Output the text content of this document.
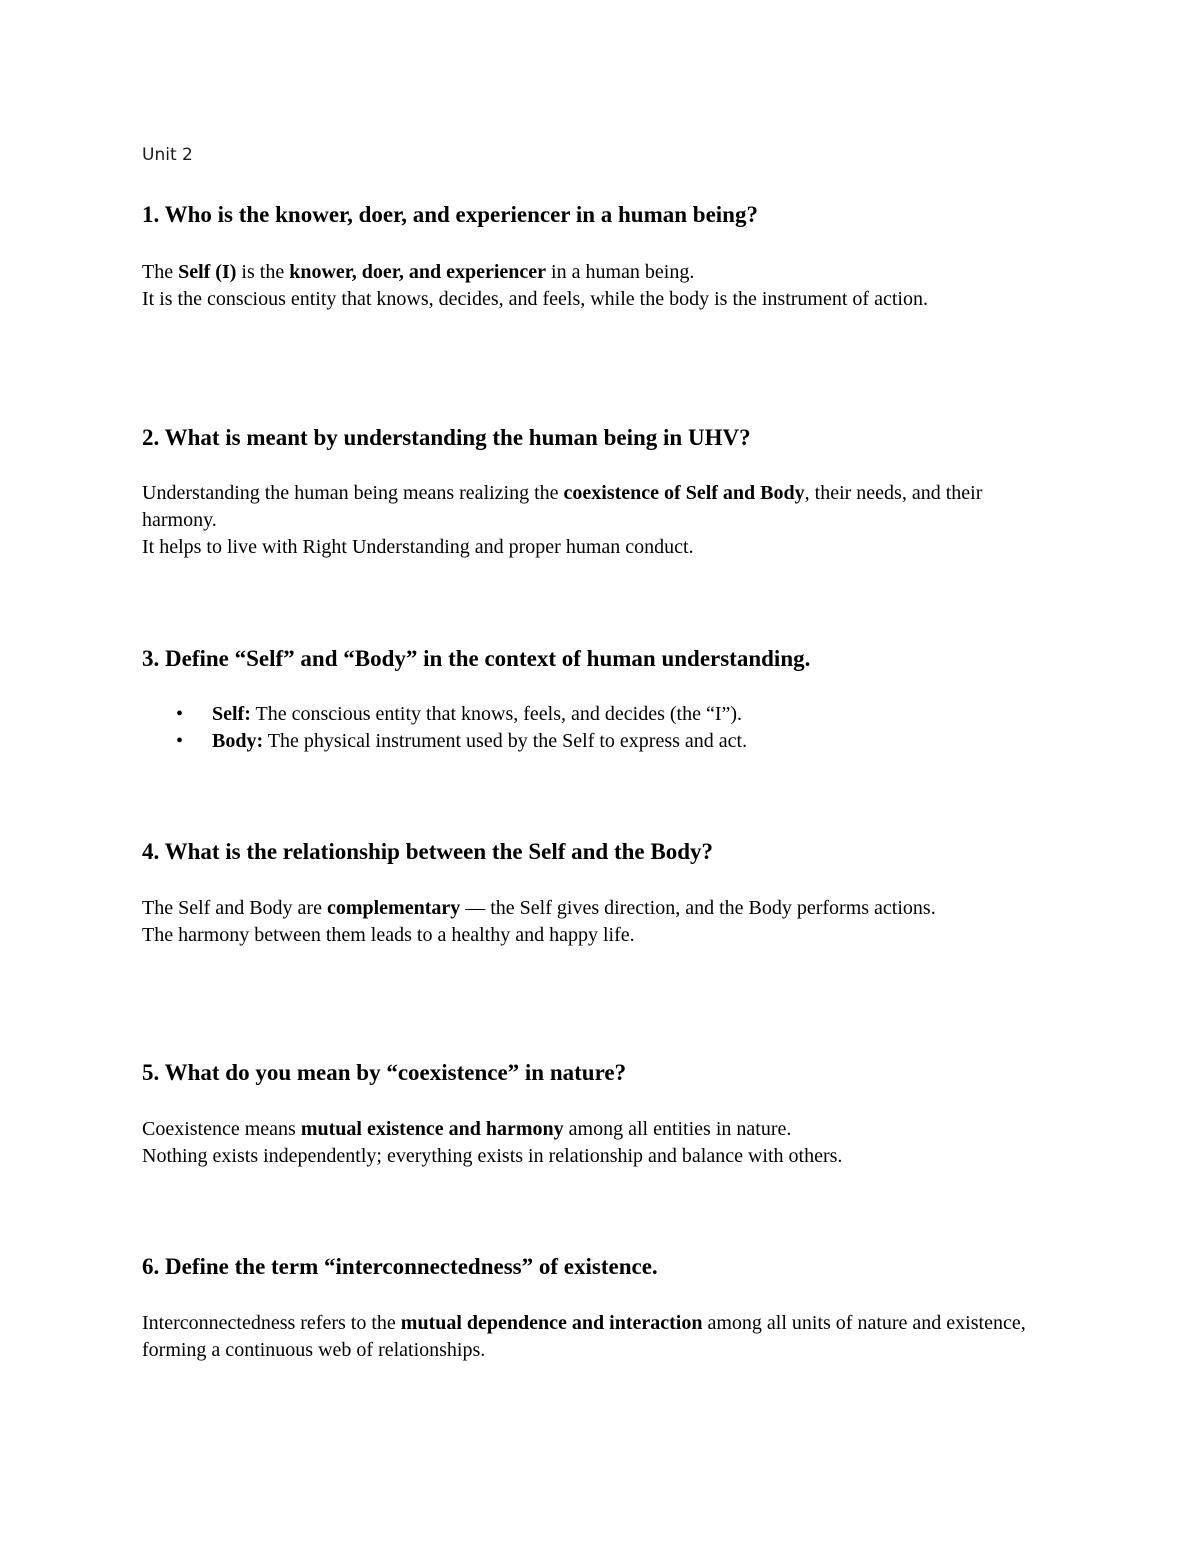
Unit 2

1. Who is the knower, doer, and experiencer in a human being?

The Self (I) is the knower, doer, and experiencer in a human being.
It is the conscious entity that knows, decides, and feels, while the body is the instrument of action.

2. What is meant by understanding the human being in UHV?

Understanding the human being means realizing the coexistence of Self and Body, their needs, and their harmony.
It helps to live with Right Understanding and proper human conduct.

3. Define “Self” and “Body” in the context of human understanding.
• Self: The conscious entity that knows, feels, and decides (the “I”).
• Body: The physical instrument used by the Self to express and act.
4. What is the relationship between the Self and the Body?

The Self and Body are complementary — the Self gives direction, and the Body performs actions.
The harmony between them leads to a healthy and happy life.

5. What do you mean by “coexistence” in nature?

Coexistence means mutual existence and harmony among all entities in nature.
Nothing exists independently; everything exists in relationship and balance with others.

6. Define the term “interconnectedness” of existence.

Interconnectedness refers to the mutual dependence and interaction among all units of nature and existence, forming a continuous web of relationships.
